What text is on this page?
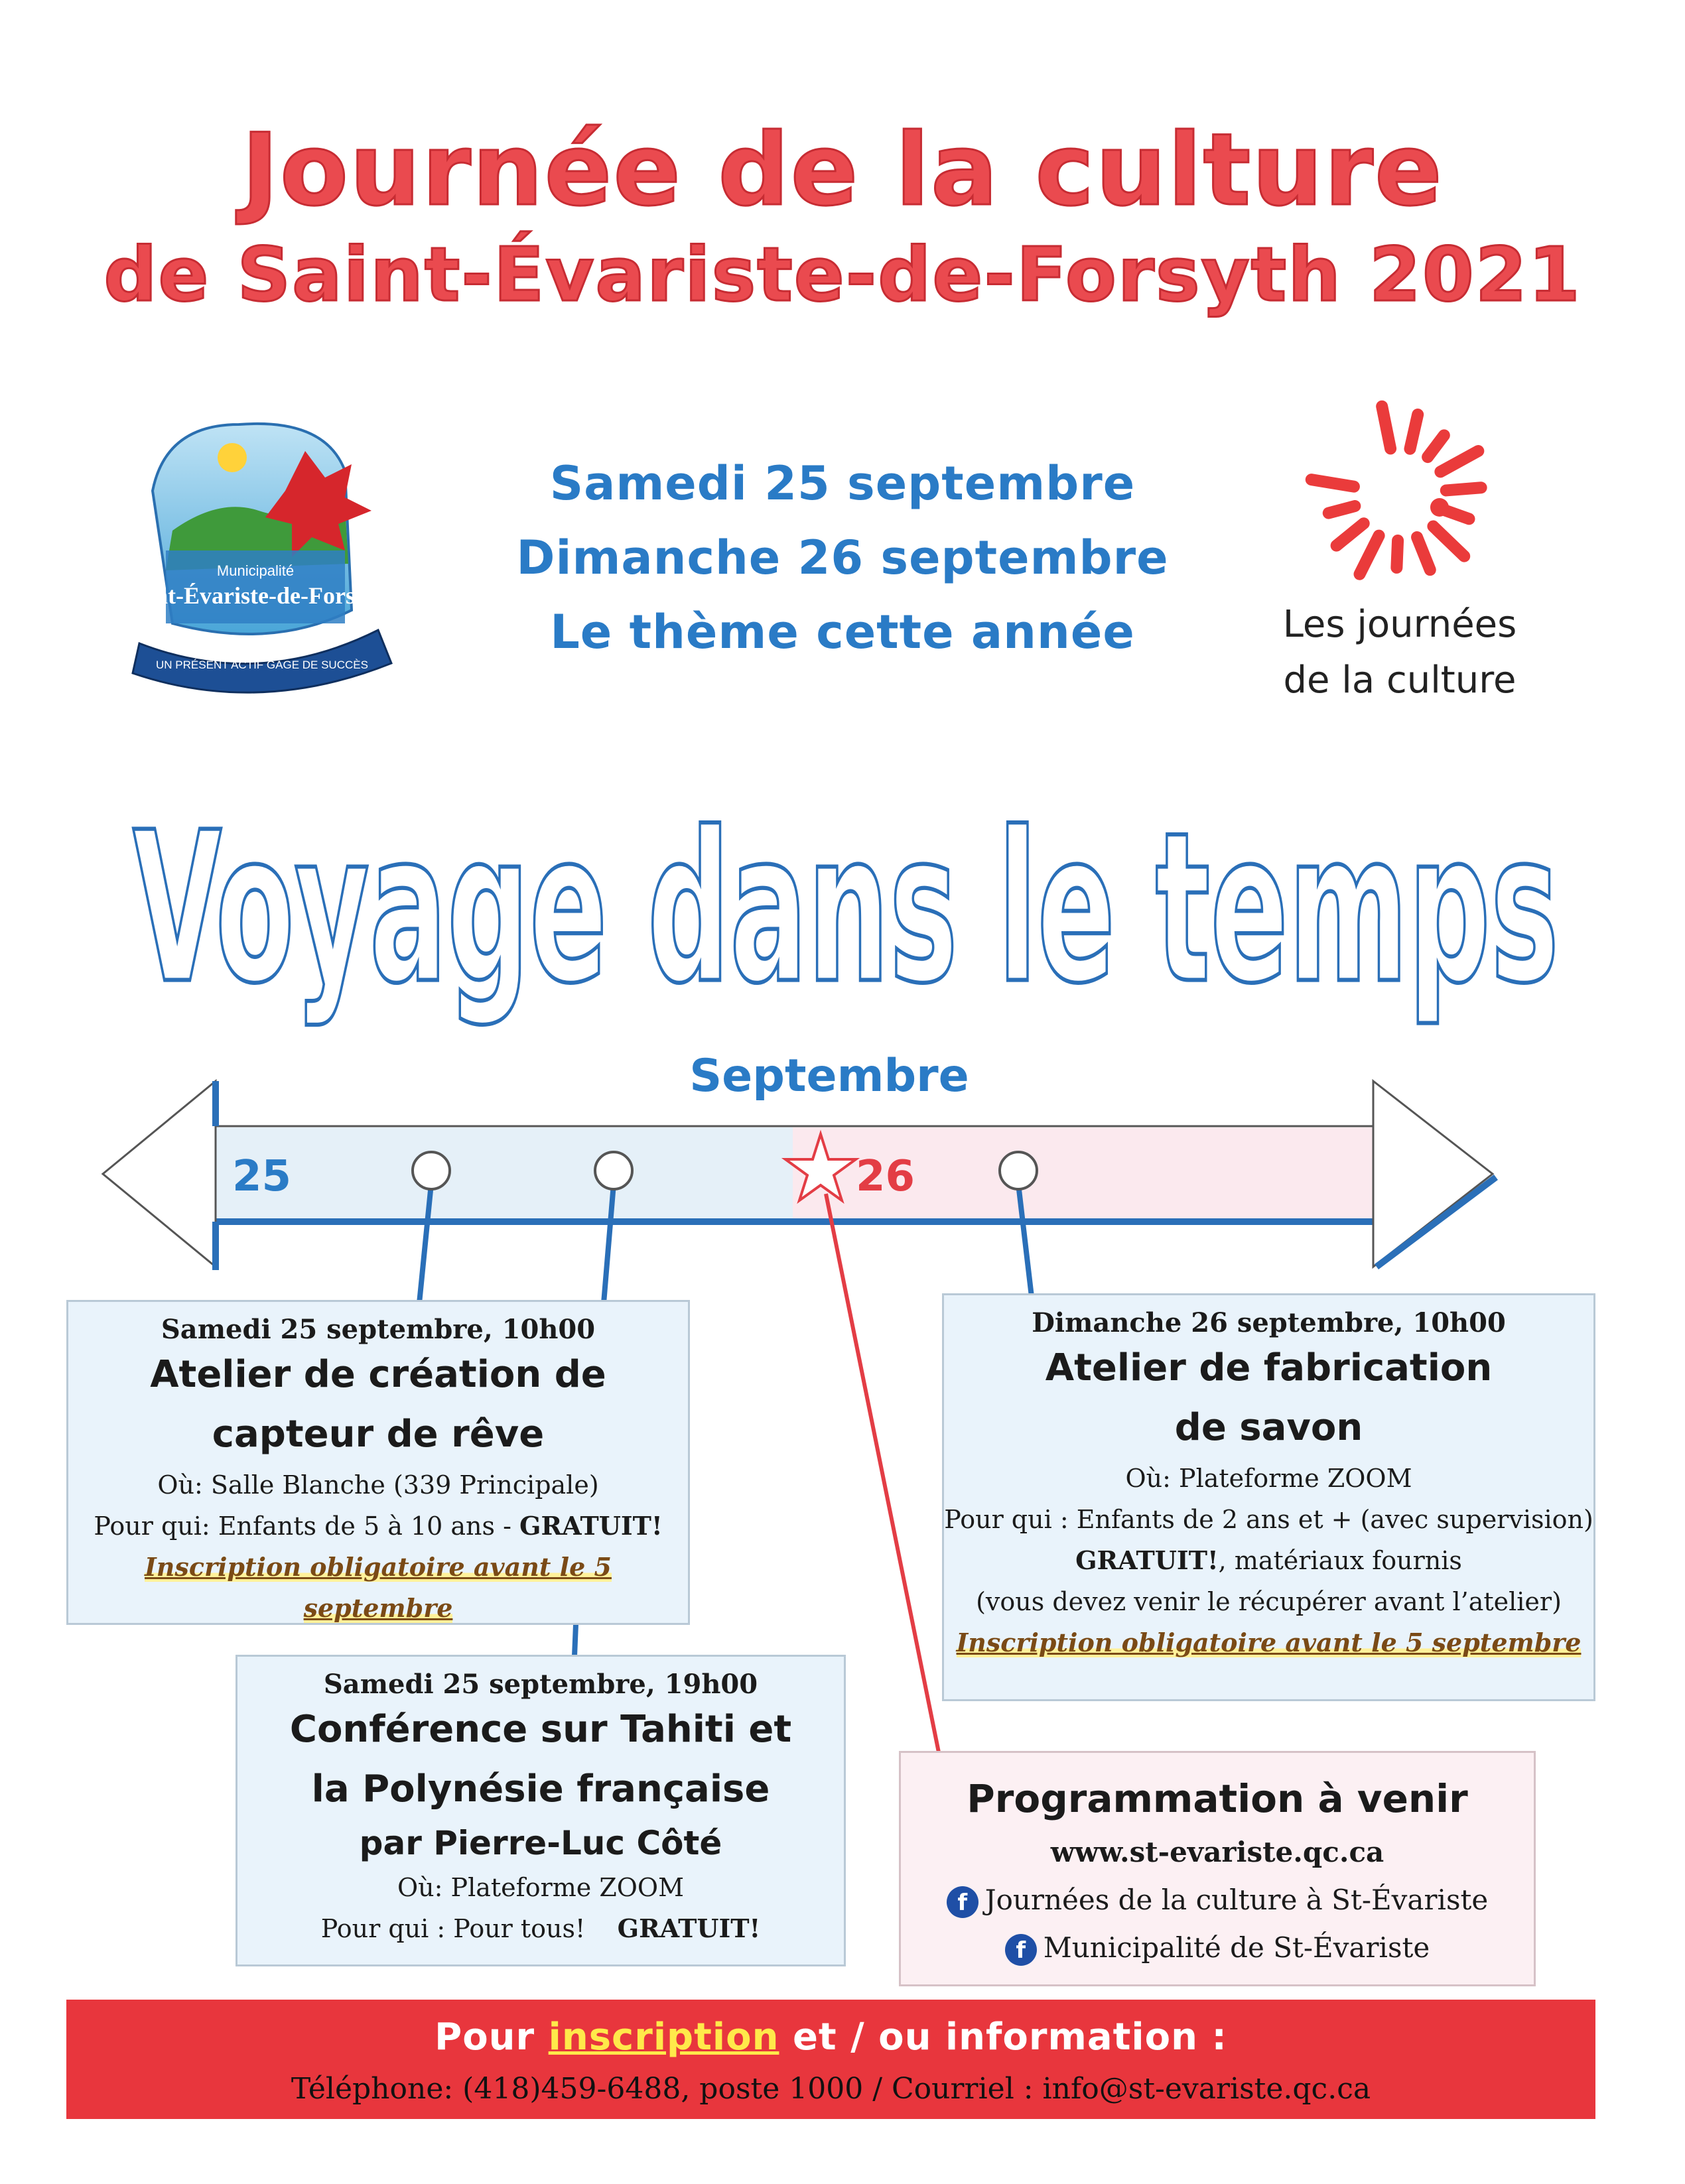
Journée de la culture
de Saint-Évariste-de-Forsyth 2021
Municipalité
Saint-Évariste-de-Forsyth
UN PRÉSENT ACTIF GAGE DE SUCCÈS
Samedi 25 septembre
Dimanche 26 septembre
Le thème cette année	Les journées
de la culture
Voyage dans le temps
Septembre
25	26
Samedi 25 septembre, 10h00
Atelier de création de
capteur de rêve
Où: Salle Blanche (339 Principale)
Pour qui: Enfants de 5 à 10 ans - GRATUIT!
Inscription obligatoire avant le 5 septembre
Samedi 25 septembre, 19h00
Conférence sur Tahiti et
la Polynésie française
par Pierre-Luc Côté
Où: Plateforme ZOOM
Pour qui : Pour tous! GRATUIT!
Dimanche 26 septembre, 10h00
Atelier de fabrication
de savon
Où: Plateforme ZOOM
Pour qui : Enfants de 2 ans et + (avec supervision)
GRATUIT!, matériaux fournis
(vous devez venir le récupérer avant l’atelier)
Inscription obligatoire avant le 5 septembre
Programmation à venir
www.st-evariste.qc.ca
f Journées de la culture à St-Évariste
f Municipalité de St-Évariste
Pour inscription et / ou information :
Téléphone: (418)459-6488, poste 1000 / Courriel : info@st-evariste.qc.ca
